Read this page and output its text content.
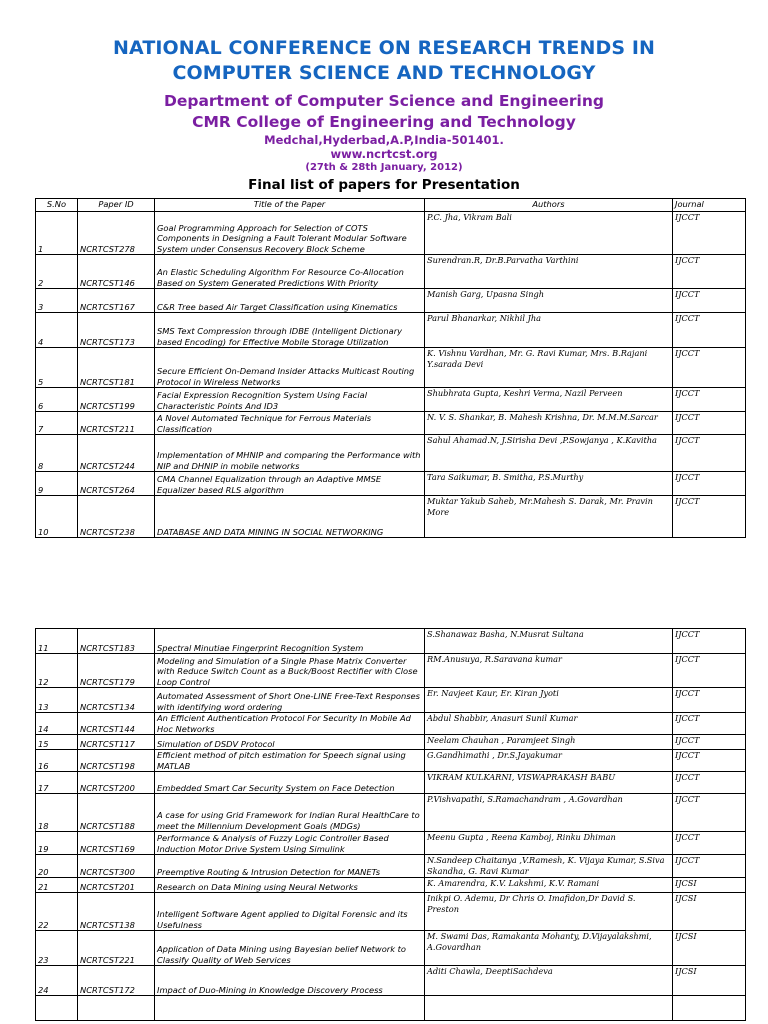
NATIONAL CONFERENCE ON RESEARCH TRENDS IN

COMPUTER SCIENCE AND TECHNOLOGY

Department of Computer Science and Engineering

CMR College of Engineering and Technology

Medchal,Hyderbad,A.P,India-501401.

www.ncrtcst.org

(27th & 28th January, 2012)

Final list of papers for Presentation

S.No	Paper ID	Title of the Paper	Authors	Journal
1	NCRTCST278	Goal Programming Approach for Selection of COTS Components in Designing a Fault Tolerant Modular Software System under Consensus Recovery Block Scheme	P.C. Jha, Vikram Bali	IJCCT
2	NCRTCST146	An Elastic Scheduling Algorithm For Resource Co-Allocation Based on System Generated Predictions With Priority	Surendran.R, Dr.B.Parvatha Varthini	IJCCT
3	NCRTCST167	C&R Tree based Air Target Classification using Kinematics	Manish Garg, Upasna Singh	IJCCT
4	NCRTCST173	SMS Text Compression through IDBE (Intelligent Dictionary based Encoding) for Effective Mobile Storage Utilization	Parul Bhanarkar, Nikhil Jha	IJCCT
5	NCRTCST181	Secure Efficient On-Demand Insider Attacks Multicast Routing Protocol in Wireless Networks	K. Vishnu Vardhan, Mr. G. Ravi Kumar, Mrs. B.Rajani Y.sarada Devi	IJCCT
6	NCRTCST199	Facial Expression Recognition System Using Facial Characteristic Points And ID3	Shubhrata Gupta, Keshri Verma, Nazil Perveen	IJCCT
7	NCRTCST211	A Novel Automated Technique for Ferrous Materials Classification	N. V. S. Shankar, B. Mahesh Krishna, Dr. M.M.M.Sarcar	IJCCT
8	NCRTCST244	Implementation of MHNIP and comparing the Performance with NIP and DHNIP in mobile networks	Sahul Ahamad.N, J.Sirisha Devi ,P.Sowjanya , K.Kavitha	IJCCT
9	NCRTCST264	CMA Channel Equalization through an Adaptive MMSE Equalizer based RLS algorithm	Tara Saikumar, B. Smitha, P.S.Murthy	IJCCT
10	NCRTCST238	DATABASE AND DATA MINING IN SOCIAL NETWORKING	Muktar Yakub Saheb, Mr.Mahesh S. Darak, Mr. Pravin More	IJCCT
11	NCRTCST183	Spectral Minutiae Fingerprint Recognition System	S.Shanawaz Basha, N.Musrat Sultana	IJCCT
12	NCRTCST179	Modeling and Simulation of a Single Phase Matrix Converter with Reduce Switch Count as a Buck/Boost Rectifier with Close Loop Control	RM.Anusuya, R.Saravana kumar	IJCCT
13	NCRTCST134	Automated Assessment of Short One-LINE Free-Text Responses with identifying word ordering	Er. Navjeet Kaur, Er. Kiran Jyoti	IJCCT
14	NCRTCST144	An Efficient Authentication Protocol For Security In Mobile Ad Hoc Networks	Abdul Shabbir, Anasuri Sunil Kumar	IJCCT
15	NCRTCST117	Simulation of DSDV Protocol	Neelam Chauhan , Paramjeet Singh	IJCCT
16	NCRTCST198	Efficient method of pitch estimation for Speech signal using MATLAB	G.Gandhimathi , Dr.S.Jayakumar	IJCCT
17	NCRTCST200	Embedded Smart Car Security System on Face Detection	VIKRAM KULKARNI, VISWAPRAKASH BABU	IJCCT
18	NCRTCST188	A case for using Grid Framework for Indian Rural HealthCare to meet the Millennium Development Goals (MDGs)	P.Vishvapathi, S.Ramachandram , A.Govardhan	IJCCT
19	NCRTCST169	Performance & Analysis of Fuzzy Logic Controller Based Induction Motor Drive System Using Simulink	Meenu Gupta , Reena Kamboj, Rinku Dhiman	IJCCT
20	NCRTCST300	Preemptive Routing & Intrusion Detection for MANETs	N.Sandeep Chaitanya ,V.Ramesh, K. Vijaya Kumar, S.Siva Skandha, G. Ravi Kumar	IJCCT
21	NCRTCST201	Research on Data Mining using Neural Networks	K. Amarendra, K.V. Lakshmi, K.V. Ramani	IJCSI
22	NCRTCST138	Intelligent Software Agent applied to Digital Forensic and its Usefulness	Inikpi O. Ademu, Dr Chris O. Imafidon,Dr David S. Preston	IJCSI
23	NCRTCST221	Application of Data Mining using Bayesian belief Network to Classify Quality of Web Services	M. Swami Das, Ramakanta Mohanty, D.Vijayalakshmi, A.Govardhan	IJCSI
24	NCRTCST172	Impact of Duo-Mining in Knowledge Discovery Process	Aditi Chawla, DeeptiSachdeva	IJCSI
